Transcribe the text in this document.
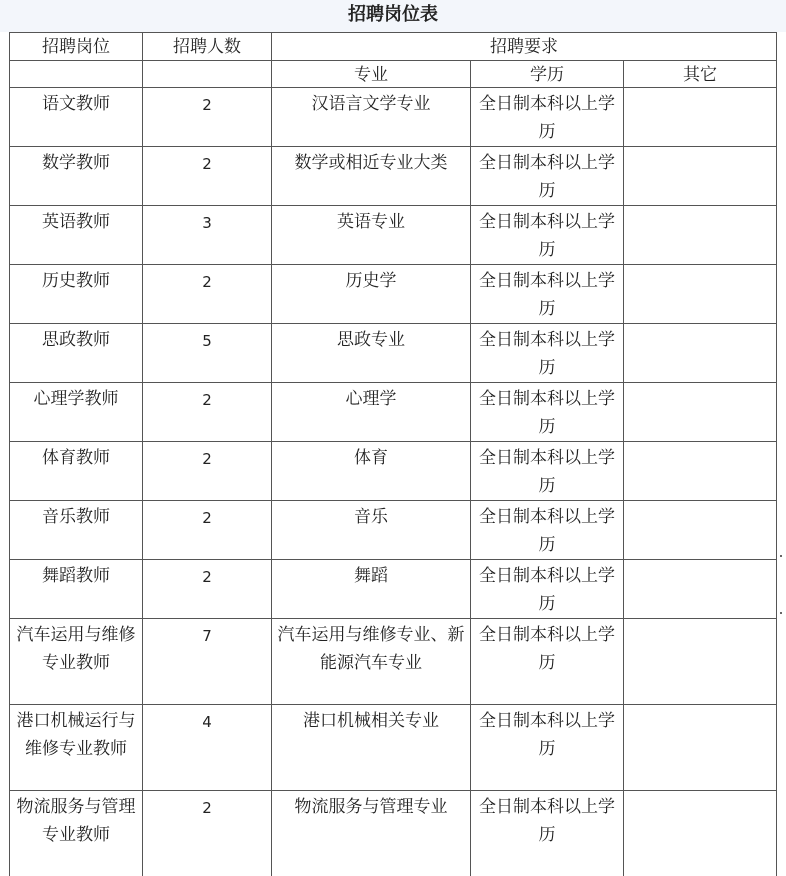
招聘岗位表
招聘岗位	招聘人数	招聘要求		
		专业	学历	其它
语文教师	2	汉语言文学专业	全日制本科以上学历	
数学教师	2	数学或相近专业大类	全日制本科以上学历	
英语教师	3	英语专业	全日制本科以上学历	
历史教师	2	历史学	全日制本科以上学历	
思政教师	5	思政专业	全日制本科以上学历	
心理学教师	2	心理学	全日制本科以上学历	
体育教师	2	体育	全日制本科以上学历	
音乐教师	2	音乐	全日制本科以上学历	
舞蹈教师	2	舞蹈	全日制本科以上学历	
汽车运用与维修专业教师	7	汽车运用与维修专业、新能源汽车专业	全日制本科以上学历	
港口机械运行与维修专业教师	4	港口机械相关专业	全日制本科以上学历	
物流服务与管理专业教师	2	物流服务与管理专业	全日制本科以上学历	
